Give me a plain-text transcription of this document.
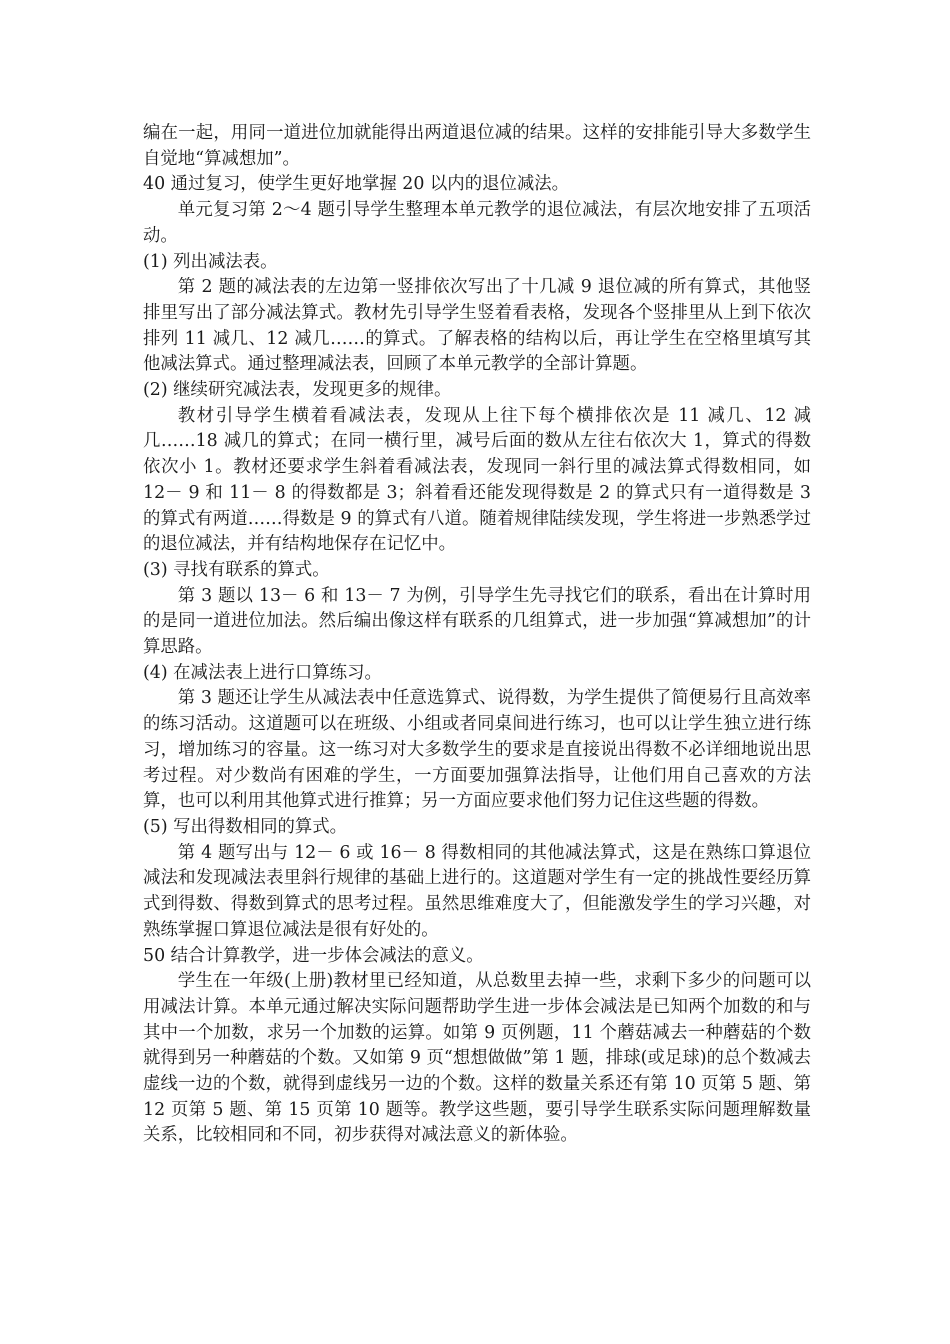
编在一起，用同一道进位加就能得出两道退位减的结果。这样的安排能引导大多数学生自觉地“算减想加”。

40 通过复习，使学生更好地掌握 20 以内的退位减法。

单元复习第 2～4 题引导学生整理本单元教学的退位减法，有层次地安排了五项活动。

(1) 列出减法表。

第 2 题的减法表的左边第一竖排依次写出了十几减 9 退位减的所有算式，其他竖排里写出了部分减法算式。教材先引导学生竖着看表格，发现各个竖排里从上到下依次排列 11 减几、12 减几……的算式。了解表格的结构以后，再让学生在空格里填写其他减法算式。通过整理减法表，回顾了本单元教学的全部计算题。

(2) 继续研究减法表，发现更多的规律。

教材引导学生横着看减法表，发现从上往下每个横排依次是 11 减几、12 减几……18 减几的算式；在同一横行里，减号后面的数从左往右依次大 1，算式的得数依次小 1。教材还要求学生斜着看减法表，发现同一斜行里的减法算式得数相同，如 12－ 9 和 11－ 8 的得数都是 3；斜着看还能发现得数是 2 的算式只有一道得数是 3 的算式有两道……得数是 9 的算式有八道。随着规律陆续发现，学生将进一步熟悉学过的退位减法，并有结构地保存在记忆中。

(3) 寻找有联系的算式。

第 3 题以 13－ 6 和 13－ 7 为例，引导学生先寻找它们的联系，看出在计算时用的是同一道进位加法。然后编出像这样有联系的几组算式，进一步加强“算减想加”的计算思路。

(4) 在减法表上进行口算练习。

第 3 题还让学生从减法表中任意选算式、说得数，为学生提供了简便易行且高效率的练习活动。这道题可以在班级、小组或者同桌间进行练习，也可以让学生独立进行练习，增加练习的容量。这一练习对大多数学生的要求是直接说出得数不必详细地说出思考过程。对少数尚有困难的学生，一方面要加强算法指导，让他们用自己喜欢的方法算，也可以利用其他算式进行推算；另一方面应要求他们努力记住这些题的得数。

(5) 写出得数相同的算式。

第 4 题写出与 12－ 6 或 16－ 8 得数相同的其他减法算式，这是在熟练口算退位减法和发现减法表里斜行规律的基础上进行的。这道题对学生有一定的挑战性要经历算式到得数、得数到算式的思考过程。虽然思维难度大了，但能激发学生的学习兴趣，对熟练掌握口算退位减法是很有好处的。

50 结合计算教学，进一步体会减法的意义。

学生在一年级(上册)教材里已经知道，从总数里去掉一些，求剩下多少的问题可以用减法计算。本单元通过解决实际问题帮助学生进一步体会减法是已知两个加数的和与其中一个加数，求另一个加数的运算。如第 9 页例题，11 个蘑菇减去一种蘑菇的个数就得到另一种蘑菇的个数。又如第 9 页“想想做做”第 1 题，排球(或足球)的总个数减去虚线一边的个数，就得到虚线另一边的个数。这样的数量关系还有第 10 页第 5 题、第 12 页第 5 题、第 15 页第 10 题等。教学这些题，要引导学生联系实际问题理解数量关系，比较相同和不同，初步获得对减法意义的新体验。
